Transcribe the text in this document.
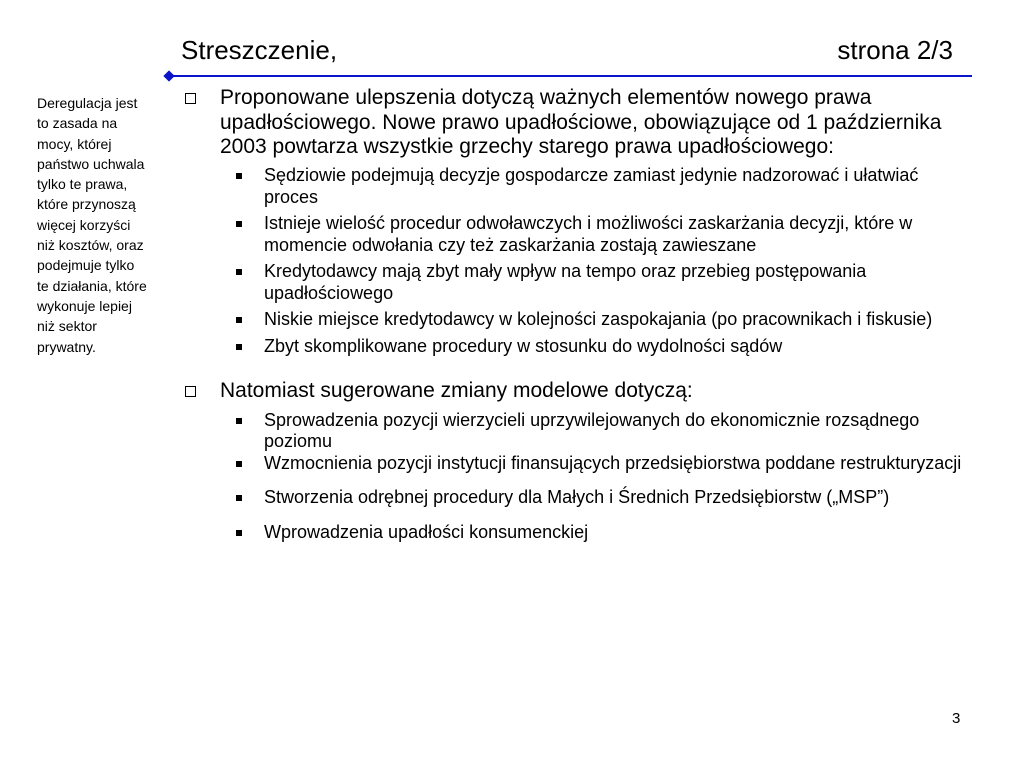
Streszczenie,	strona 2/3
Deregulacja jest to zasada na mocy, której państwo uchwala tylko te prawa, które przynoszą więcej korzyści niż kosztów, oraz podejmuje tylko te działania, które wykonuje lepiej niż sektor prywatny.
Proponowane ulepszenia dotyczą ważnych elementów nowego prawa upadłościowego. Nowe prawo upadłościowe, obowiązujące od 1 października 2003 powtarza wszystkie grzechy starego prawa upadłościowego:
Sędziowie podejmują decyzje gospodarcze zamiast jedynie nadzorować i ułatwiać proces
Istnieje wielość procedur odwoławczych i możliwości zaskarżania decyzji, które w momencie odwołania czy też zaskarżania zostają zawieszane
Kredytodawcy mają zbyt mały wpływ na tempo oraz przebieg postępowania upadłościowego
Niskie miejsce kredytodawcy w kolejności zaspokajania (po pracownikach i fiskusie)
Zbyt skomplikowane procedury w stosunku do wydolności sądów
Natomiast sugerowane zmiany modelowe dotyczą:
Sprowadzenia pozycji wierzycieli uprzywilejowanych do ekonomicznie rozsądnego poziomu
Wzmocnienia pozycji instytucji finansujących przedsiębiorstwa poddane restrukturyzacji
Stworzenia odrębnej procedury dla Małych i Średnich Przedsiębiorstw („MSP”)
Wprowadzenia upadłości konsumenckiej
3
